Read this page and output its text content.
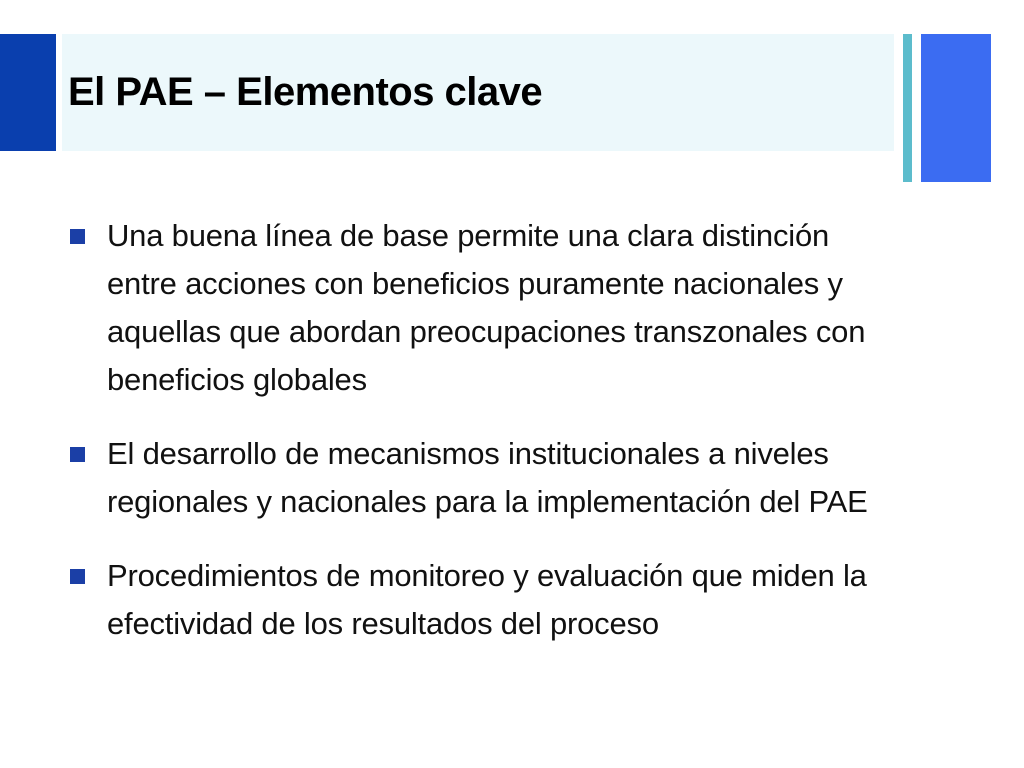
El PAE – Elementos clave
Una buena línea de base permite una clara distinción entre acciones con beneficios puramente nacionales y aquellas que abordan preocupaciones transzonales con beneficios globales
El desarrollo de mecanismos institucionales a niveles regionales y nacionales para la implementación del PAE
Procedimientos de monitoreo y evaluación que miden la efectividad de los resultados del proceso
